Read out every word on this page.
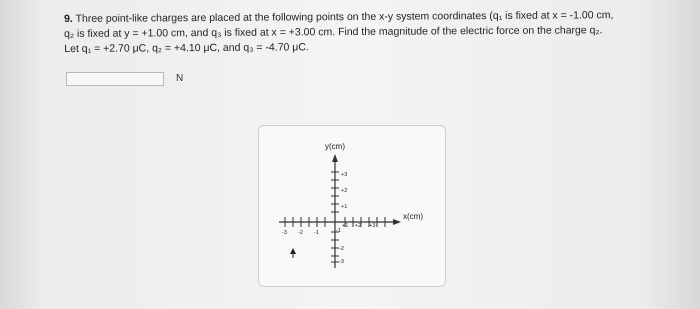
9. Three point-like charges are placed at the following points on the x-y system coordinates (q₁ is fixed at x = -1.00 cm,

q₂ is fixed at y = +1.00 cm, and q₃ is fixed at x = +3.00 cm. Find the magnitude of the electric force on the charge q₂.

Let q₁ = +2.70 μC, q₂ = +4.10 μC, and q₃ = -4.70 μC.

N
y(cm)
x(cm)
-3 -2 -1
+1 +2 +3
+3
+2
+1
-1
-2
-3
